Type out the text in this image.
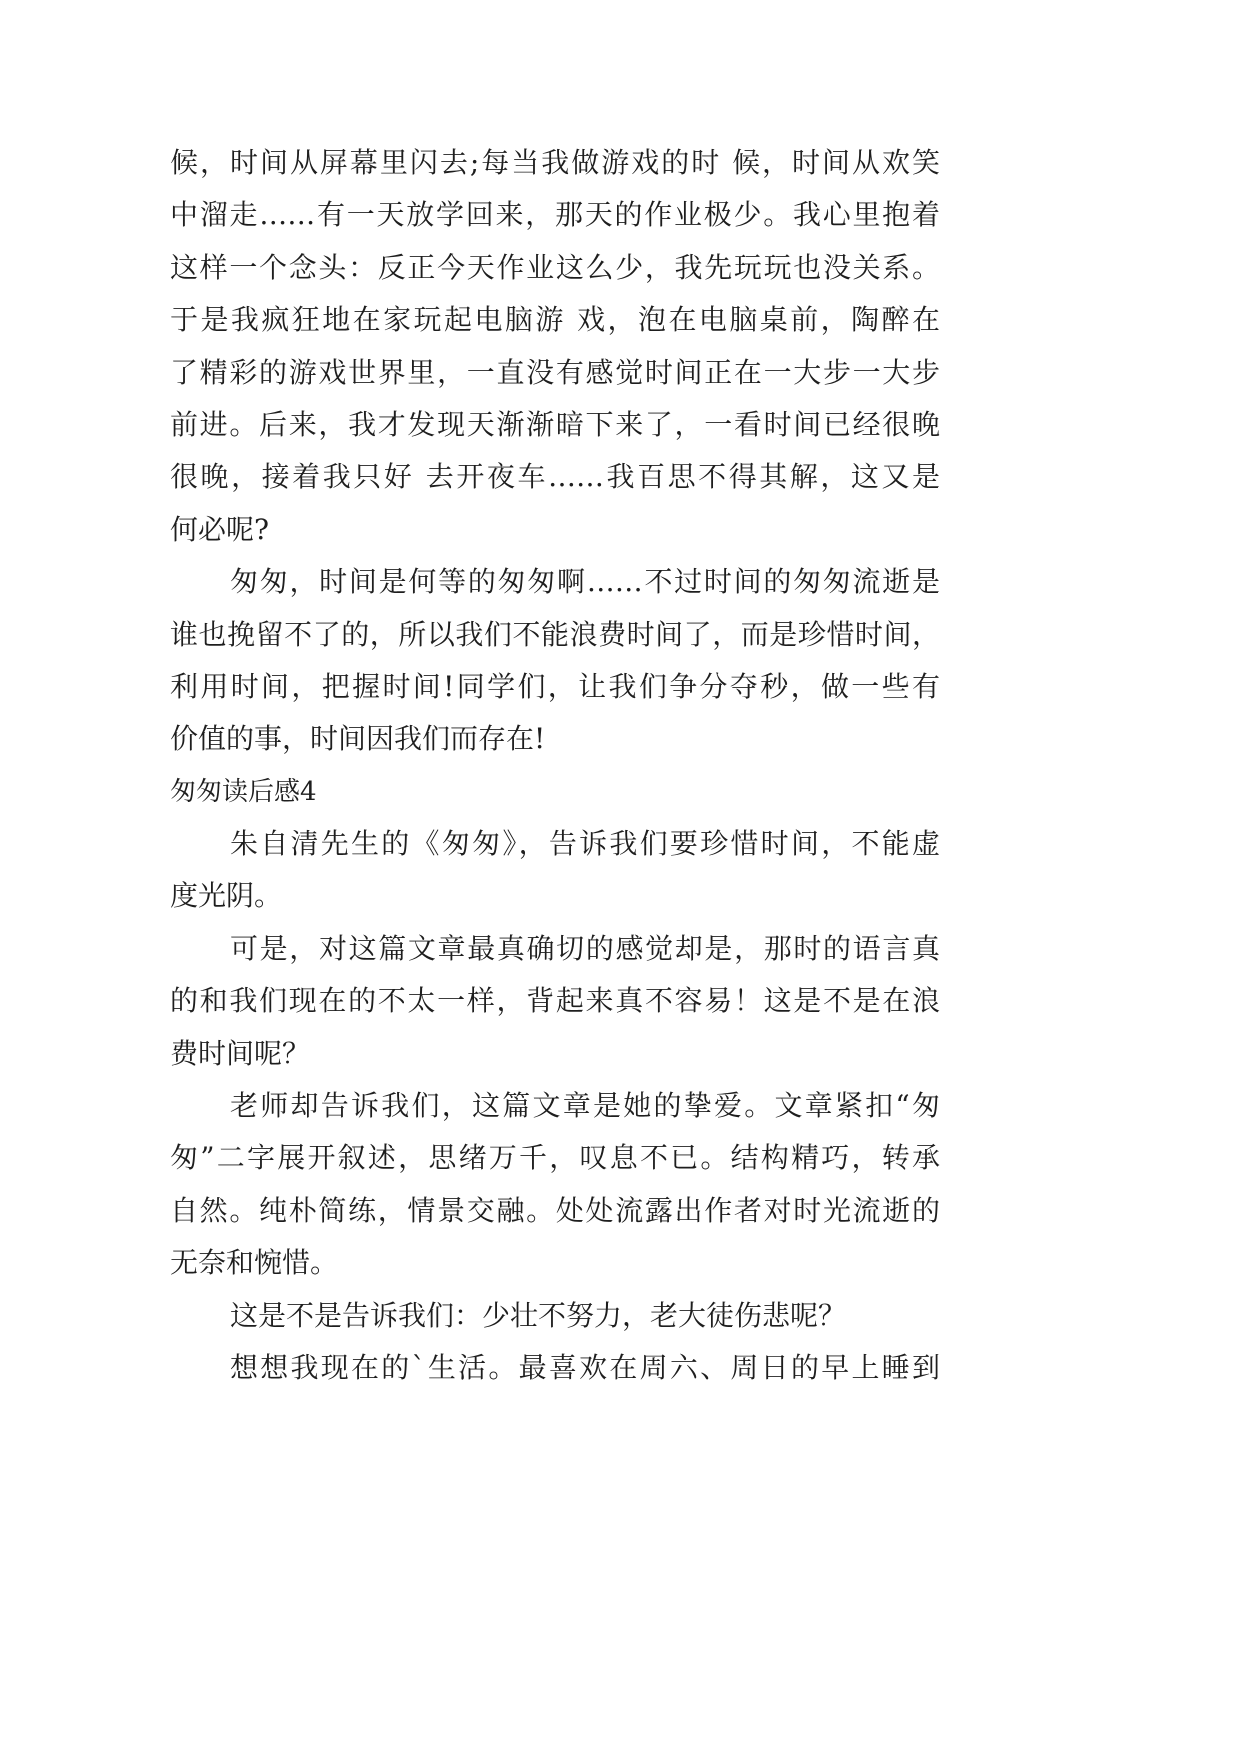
候，时间从屏幕里闪去;每当我做游戏的时 候，时间从欢笑
中溜走……有一天放学回来，那天的作业极少。我心里抱着
这样一个念头：反正今天作业这么少，我先玩玩也没关系。
于是我疯狂地在家玩起电脑游 戏，泡在电脑桌前，陶醉在
了精彩的游戏世界里，一直没有感觉时间正在一大步一大步
前进。后来，我才发现天渐渐暗下来了，一看时间已经很晚
很晚，接着我只好 去开夜车……我百思不得其解，这又是
何必呢?
匆匆，时间是何等的匆匆啊……不过时间的匆匆流逝是
谁也挽留不了的，所以我们不能浪费时间了，而是珍惜时间，
利用时间，把握时间!同学们，让我们争分夺秒，做一些有
价值的事，时间因我们而存在!
匆匆读后感4
朱自清先生的《匆匆》，告诉我们要珍惜时间，不能虚
度光阴。
可是，对这篇文章最真确切的感觉却是，那时的语言真
的和我们现在的不太一样，背起来真不容易！这是不是在浪
费时间呢？
老师却告诉我们，这篇文章是她的挚爱。文章紧扣“匆
匆”二字展开叙述，思绪万千，叹息不已。结构精巧，转承
自然。纯朴简练，情景交融。处处流露出作者对时光流逝的
无奈和惋惜。
这是不是告诉我们：少壮不努力，老大徒伤悲呢？
想想我现在的`生活。最喜欢在周六、周日的早上睡到
